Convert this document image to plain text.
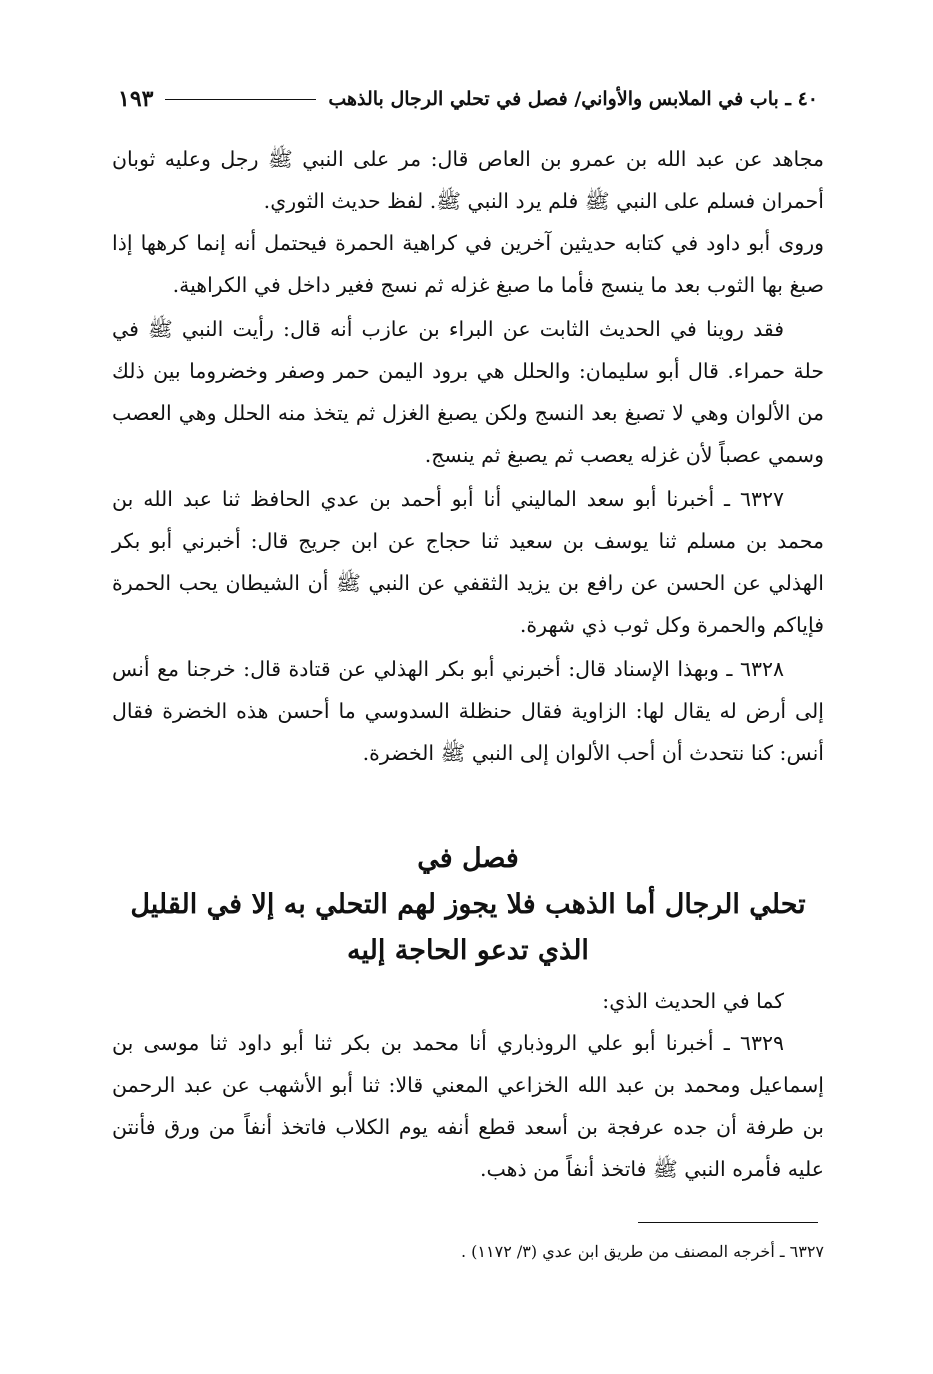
٤٠ ـ باب في الملابس والأواني/ فصل في تحلي الرجال بالذهب
١٩٣

مجاهد عن عبد الله بن عمرو بن العاص قال: مر على النبي ﷺ رجل وعليه ثوبان أحمران فسلم على النبي ﷺ فلم يرد النبي ﷺ. لفظ حديث الثوري.

وروى أبو داود في كتابه حديثين آخرين في كراهية الحمرة فيحتمل أنه إنما كرهها إذا صبغ بها الثوب بعد ما ينسج فأما ما صبغ غزله ثم نسج فغير داخل في الكراهية.

فقد روينا في الحديث الثابت عن البراء بن عازب أنه قال: رأيت النبي ﷺ في حلة حمراء. قال أبو سليمان: والحلل هي برود اليمن حمر وصفر وخضروما بين ذلك من الألوان وهي لا تصبغ بعد النسج ولكن يصبغ الغزل ثم يتخذ منه الحلل وهي العصب وسمي عصباً لأن غزله يعصب ثم يصبغ ثم ينسج.

٦٣٢٧ ـ أخبرنا أبو سعد الماليني أنا أبو أحمد بن عدي الحافظ ثنا عبد الله بن محمد بن مسلم ثنا يوسف بن سعيد ثنا حجاج عن ابن جريج قال: أخبرني أبو بكر الهذلي عن الحسن عن رافع بن يزيد الثقفي عن النبي ﷺ أن الشيطان يحب الحمرة فإياكم والحمرة وكل ثوب ذي شهرة.

٦٣٢٨ ـ وبهذا الإسناد قال: أخبرني أبو بكر الهذلي عن قتادة قال: خرجنا مع أنس إلى أرض له يقال لها: الزاوية فقال حنظلة السدوسي ما أحسن هذه الخضرة فقال أنس: كنا نتحدث أن أحب الألوان إلى النبي ﷺ الخضرة.

فصل في
تحلي الرجال أما الذهب فلا يجوز لهم التحلي به إلا في القليل
الذي تدعو الحاجة إليه

كما في الحديث الذي:

٦٣٢٩ ـ أخبرنا أبو علي الروذباري أنا محمد بن بكر ثنا أبو داود ثنا موسى بن إسماعيل ومحمد بن عبد الله الخزاعي المعني قالا: ثنا أبو الأشهب عن عبد الرحمن بن طرفة أن جده عرفجة بن أسعد قطع أنفه يوم الكلاب فاتخذ أنفاً من ورق فأنتن عليه فأمره النبي ﷺ فاتخذ أنفاً من ذهب.

٦٣٢٧ ـ أخرجه المصنف من طريق ابن عدي (٣/ ١١٧٢) .
